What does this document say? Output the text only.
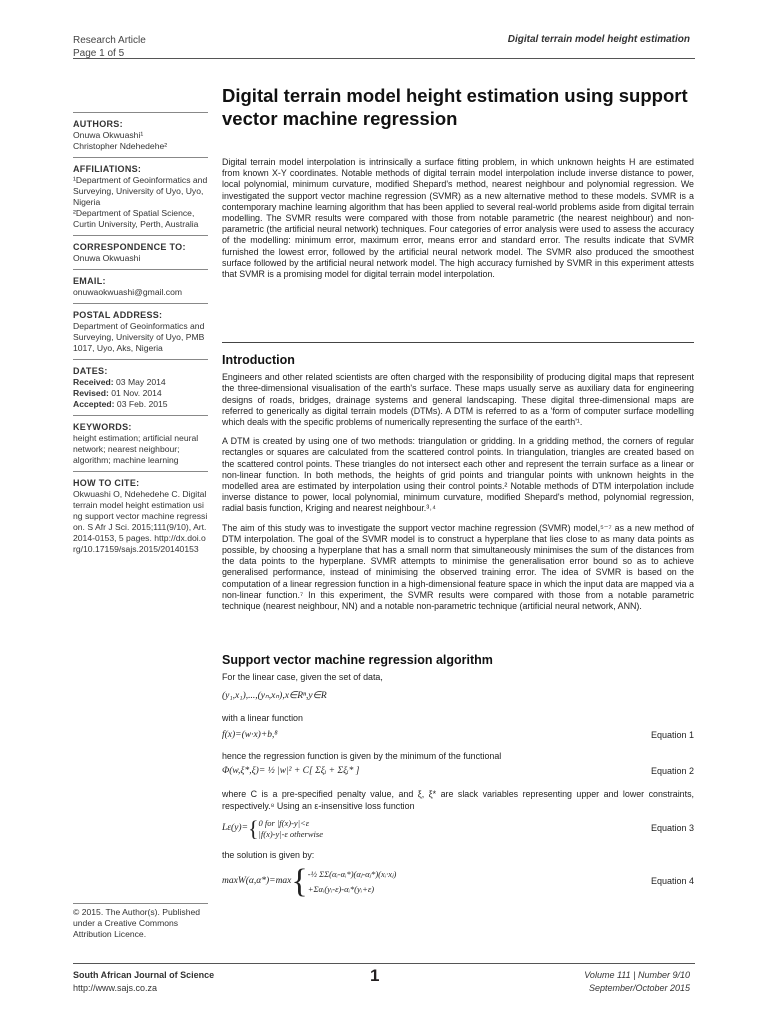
Research Article
Page 1 of 5
Digital terrain model height estimation
Digital terrain model height estimation using support vector machine regression
AUTHORS:

Onuwa Okwuashi¹

Christopher Ndehedehe²

AFFILIATIONS:

¹Department of Geoinformatics and Surveying, University of Uyo, Uyo, Nigeria

²Department of Spatial Science, Curtin University, Perth, Australia

CORRESPONDENCE TO:

Onuwa Okwuashi

EMAIL:

onuwaokwuashi@gmail.com

POSTAL ADDRESS:

Department of Geoinformatics and Surveying, University of Uyo, PMB 1017, Uyo, Aks, Nigeria

DATES:

Received: 03 May 2014

Revised: 01 Nov. 2014

Accepted: 03 Feb. 2015

KEYWORDS:

height estimation; artificial neural network; nearest neighbour; algorithm; machine learning

HOW TO CITE:

Okwuashi O, Ndehedehe C. Digital terrain model height estimation using support vector machine regression. S Afr J Sci. 2015;111(9/10), Art. 2014-0153, 5 pages. http://dx.doi.org/10.17159/sajs.2015/20140153

© 2015. The Author(s). Published under a Creative Commons Attribution Licence.

Digital terrain model interpolation is intrinsically a surface fitting problem, in which unknown heights H are estimated from known X-Y coordinates. Notable methods of digital terrain model interpolation include inverse distance to power, local polynomial, minimum curvature, modified Shepard's method, nearest neighbour and polynomial regression. We investigated the support vector machine regression (SVMR) as a new alternative method to these models. SVMR is a contemporary machine learning algorithm that has been applied to several real-world problems aside from digital terrain modelling. The SVMR results were compared with those from notable parametric (the nearest neighbour) and non-parametric (the artificial neural network) techniques. Four categories of error analysis were used to assess the accuracy of the modelling: minimum error, maximum error, means error and standard error. The results indicate that SVMR furnished the lowest error, followed by the artificial neural network model. The SVMR also produced the smoothest surface followed by the artificial neural network model. The high accuracy furnished by SVMR in this experiment attests that SVMR is a promising model for digital terrain model interpolation.

Introduction

Engineers and other related scientists are often charged with the responsibility of producing digital maps that represent the three-dimensional visualisation of the earth's surface. These maps usually serve as auxiliary data for engineering designs of roads, bridges, drainage systems and general landscaping. These digital three-dimensional maps are referred to generically as digital terrain models (DTMs). A DTM is referred to as a 'form of computer surface modelling which deals with the specific problems of numerically representing the surface of the earth'¹.

A DTM is created by using one of two methods: triangulation or gridding. In a gridding method, the corners of regular rectangles or squares are calculated from the scattered control points. In triangulation, triangles are created based on the scattered control points. These triangles do not intersect each other and represent the terrain surface as a linear or non-linear function. In both methods, the heights of grid points and triangular points with unknown heights in the modelled area are estimated by interpolation using their control points.² Notable methods of DTM interpolation include inverse distance to power, local polynomial, minimum curvature, modified Shepard's method, polynomial regression, radial basis function, Kriging and nearest neighbour.³˒⁴

The aim of this study was to investigate the support vector machine regression (SVMR) model,⁵⁻⁷ as a new method of DTM interpolation. The goal of the SVMR model is to construct a hyperplane that lies close to as many data points as possible, by choosing a hyperplane that has a small norm that simultaneously minimises the sum of the distances from the data points to the hyperplane. SVMR attempts to minimise the generalisation error bound so as to achieve generalised performance, instead of minimising the observed training error. The idea of SVMR is based on the computation of a linear regression function in a high-dimensional feature space in which the input data are mapped via a non-linear function.⁷ In this experiment, the SVMR results were compared with those from a notable parametric technique (nearest neighbour, NN) and a notable non-parametric technique (artificial neural network, ANN).

Support vector machine regression algorithm

For the linear case, given the set of data,

(y₁,x₁),...,(yₙ,xₙ),x∈Rⁿ,y∈R

with a linear function

f(x)=(w·x)+b,⁸	Equation 1

hence the regression function is given by the minimum of the functional

Φ(w,ξ*,ξ)= ½ |w|² + C[ Σξᵢ + Σξᵢ* ]	Equation 2

where C is a pre-specified penalty value, and ξ, ξ* are slack variables representing upper and lower constraints, respectively.⁸ Using an ε-insensitive loss function

Lε(y)= { 0 for |f(x)-y|<ε
|f(x)-y|-ε otherwise
Equation 3

the solution is given by:

maxW(α,α*)=max { -½ ΣΣ(αᵢ-αᵢ*)(αⱼ-αⱼ*)(xᵢ·xⱼ)
+Σαᵢ(yᵢ-ε)-αᵢ*(yᵢ+ε)
Equation 4
South African Journal of Science
http://www.sajs.co.za
1	Volume 111 | Number 9/10
September/October 2015
